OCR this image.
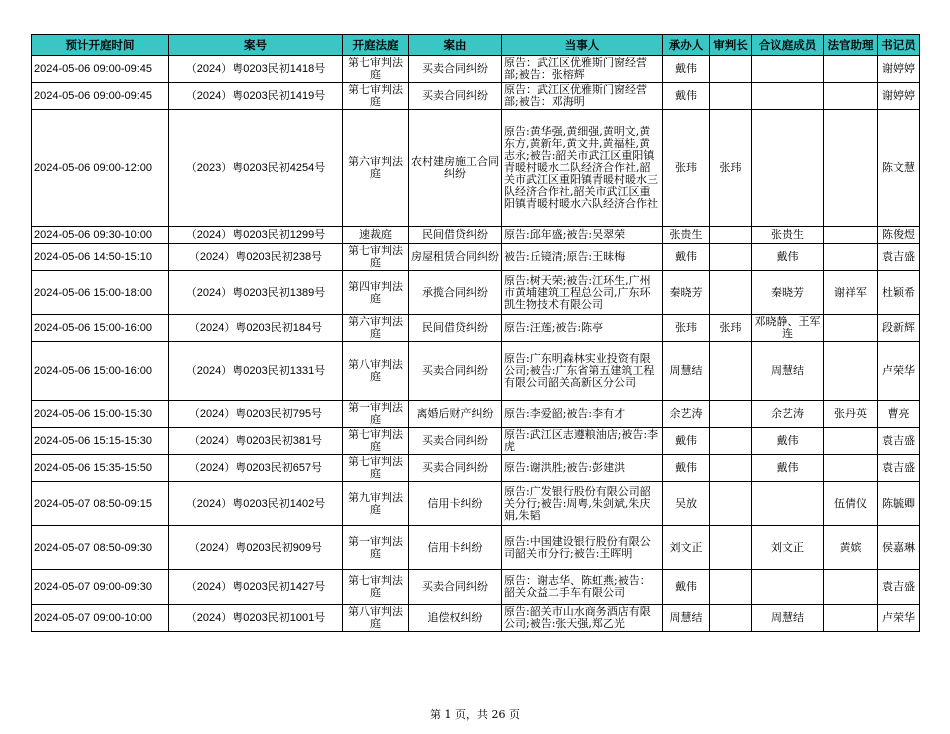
预计开庭时间	案号	开庭法庭	案由	当事人	承办人	审判长	合议庭成员	法官助理	书记员
2024-05-06 09:00-09:45	（2024）粤0203民初1418号	第七审判法庭	买卖合同纠纷	原告：武江区优雅斯门窗经营部;被告：张榕辉	戴伟				谢婷婷
2024-05-06 09:00-09:45	（2024）粤0203民初1419号	第七审判法庭	买卖合同纠纷	原告：武江区优雅斯门窗经营部;被告：邓海明	戴伟				谢婷婷
2024-05-06 09:00-12:00	（2023）粤0203民初4254号	第六审判法庭	农村建房施工合同纠纷	原告:黄华强,黄细强,黄明文,黄东方,黄新年,黄文井,黄福桂,黄志永;被告:韶关市武江区重阳镇青暖村暖水二队经济合作社,韶关市武江区重阳镇青暖村暖水三队经济合作社,韶关市武江区重阳镇青暖村暖水六队经济合作社	张玮	张玮			陈文慧
2024-05-06 09:30-10:00	（2024）粤0203民初1299号	速裁庭	民间借贷纠纷	原告:邱年盛;被告:吴翠荣	张贵生		张贵生		陈俊煜
2024-05-06 14:50-15:10	（2024）粤0203民初238号	第七审判法庭	房屋租赁合同纠纷	被告:丘镜清;原告:王昧梅	戴伟		戴伟		袁吉盛
2024-05-06 15:00-18:00	（2024）粤0203民初1389号	第四审判法庭	承揽合同纠纷	原告:树天荣;被告:江环生,广州市黄埔建筑工程总公司,广东环凯生物技术有限公司	秦晓芳		秦晓芳	谢祥军	杜颖希
2024-05-06 15:00-16:00	（2024）粤0203民初184号	第六审判法庭	民间借贷纠纷	原告:汪莲;被告:陈亭	张玮	张玮	邓晓静、王军连		段新辉
2024-05-06 15:00-16:00	（2024）粤0203民初1331号	第八审判法庭	买卖合同纠纷	原告:广东明森林实业投资有限公司;被告:广东省第五建筑工程有限公司韶关高新区分公司	周慧结		周慧结		卢荣华
2024-05-06 15:00-15:30	（2024）粤0203民初795号	第一审判法庭	离婚后财产纠纷	原告:李爱韶;被告:李有才	余艺涛		余艺涛	张丹英	曹亮
2024-05-06 15:15-15:30	（2024）粤0203民初381号	第七审判法庭	买卖合同纠纷	原告:武江区志遵粮油店;被告:李虎	戴伟		戴伟		袁吉盛
2024-05-06 15:35-15:50	（2024）粤0203民初657号	第七审判法庭	买卖合同纠纷	原告:谢洪胜;被告:彭建洪	戴伟		戴伟		袁吉盛
2024-05-07 08:50-09:15	（2024）粤0203民初1402号	第九审判法庭	信用卡纠纷	原告:广发银行股份有限公司韶关分行;被告:周粤,朱剑斌,朱庆娟,朱韬	吴放			伍倩仪	陈毓卿
2024-05-07 08:50-09:30	（2024）粤0203民初909号	第一审判法庭	信用卡纠纷	原告:中国建设银行股份有限公司韶关市分行;被告:王晖明	刘文正		刘文正	黄嫔	侯嘉琳
2024-05-07 09:00-09:30	（2024）粤0203民初1427号	第七审判法庭	买卖合同纠纷	原告：谢志华、陈虹燕;被告：韶关众益二手车有限公司	戴伟				袁吉盛
2024-05-07 09:00-10:00	（2024）粤0203民初1001号	第八审判法庭	追偿权纠纷	原告:韶关市山水商务酒店有限公司;被告:张天强,郑乙光	周慧结		周慧结		卢荣华
第 1 页，共 26 页
